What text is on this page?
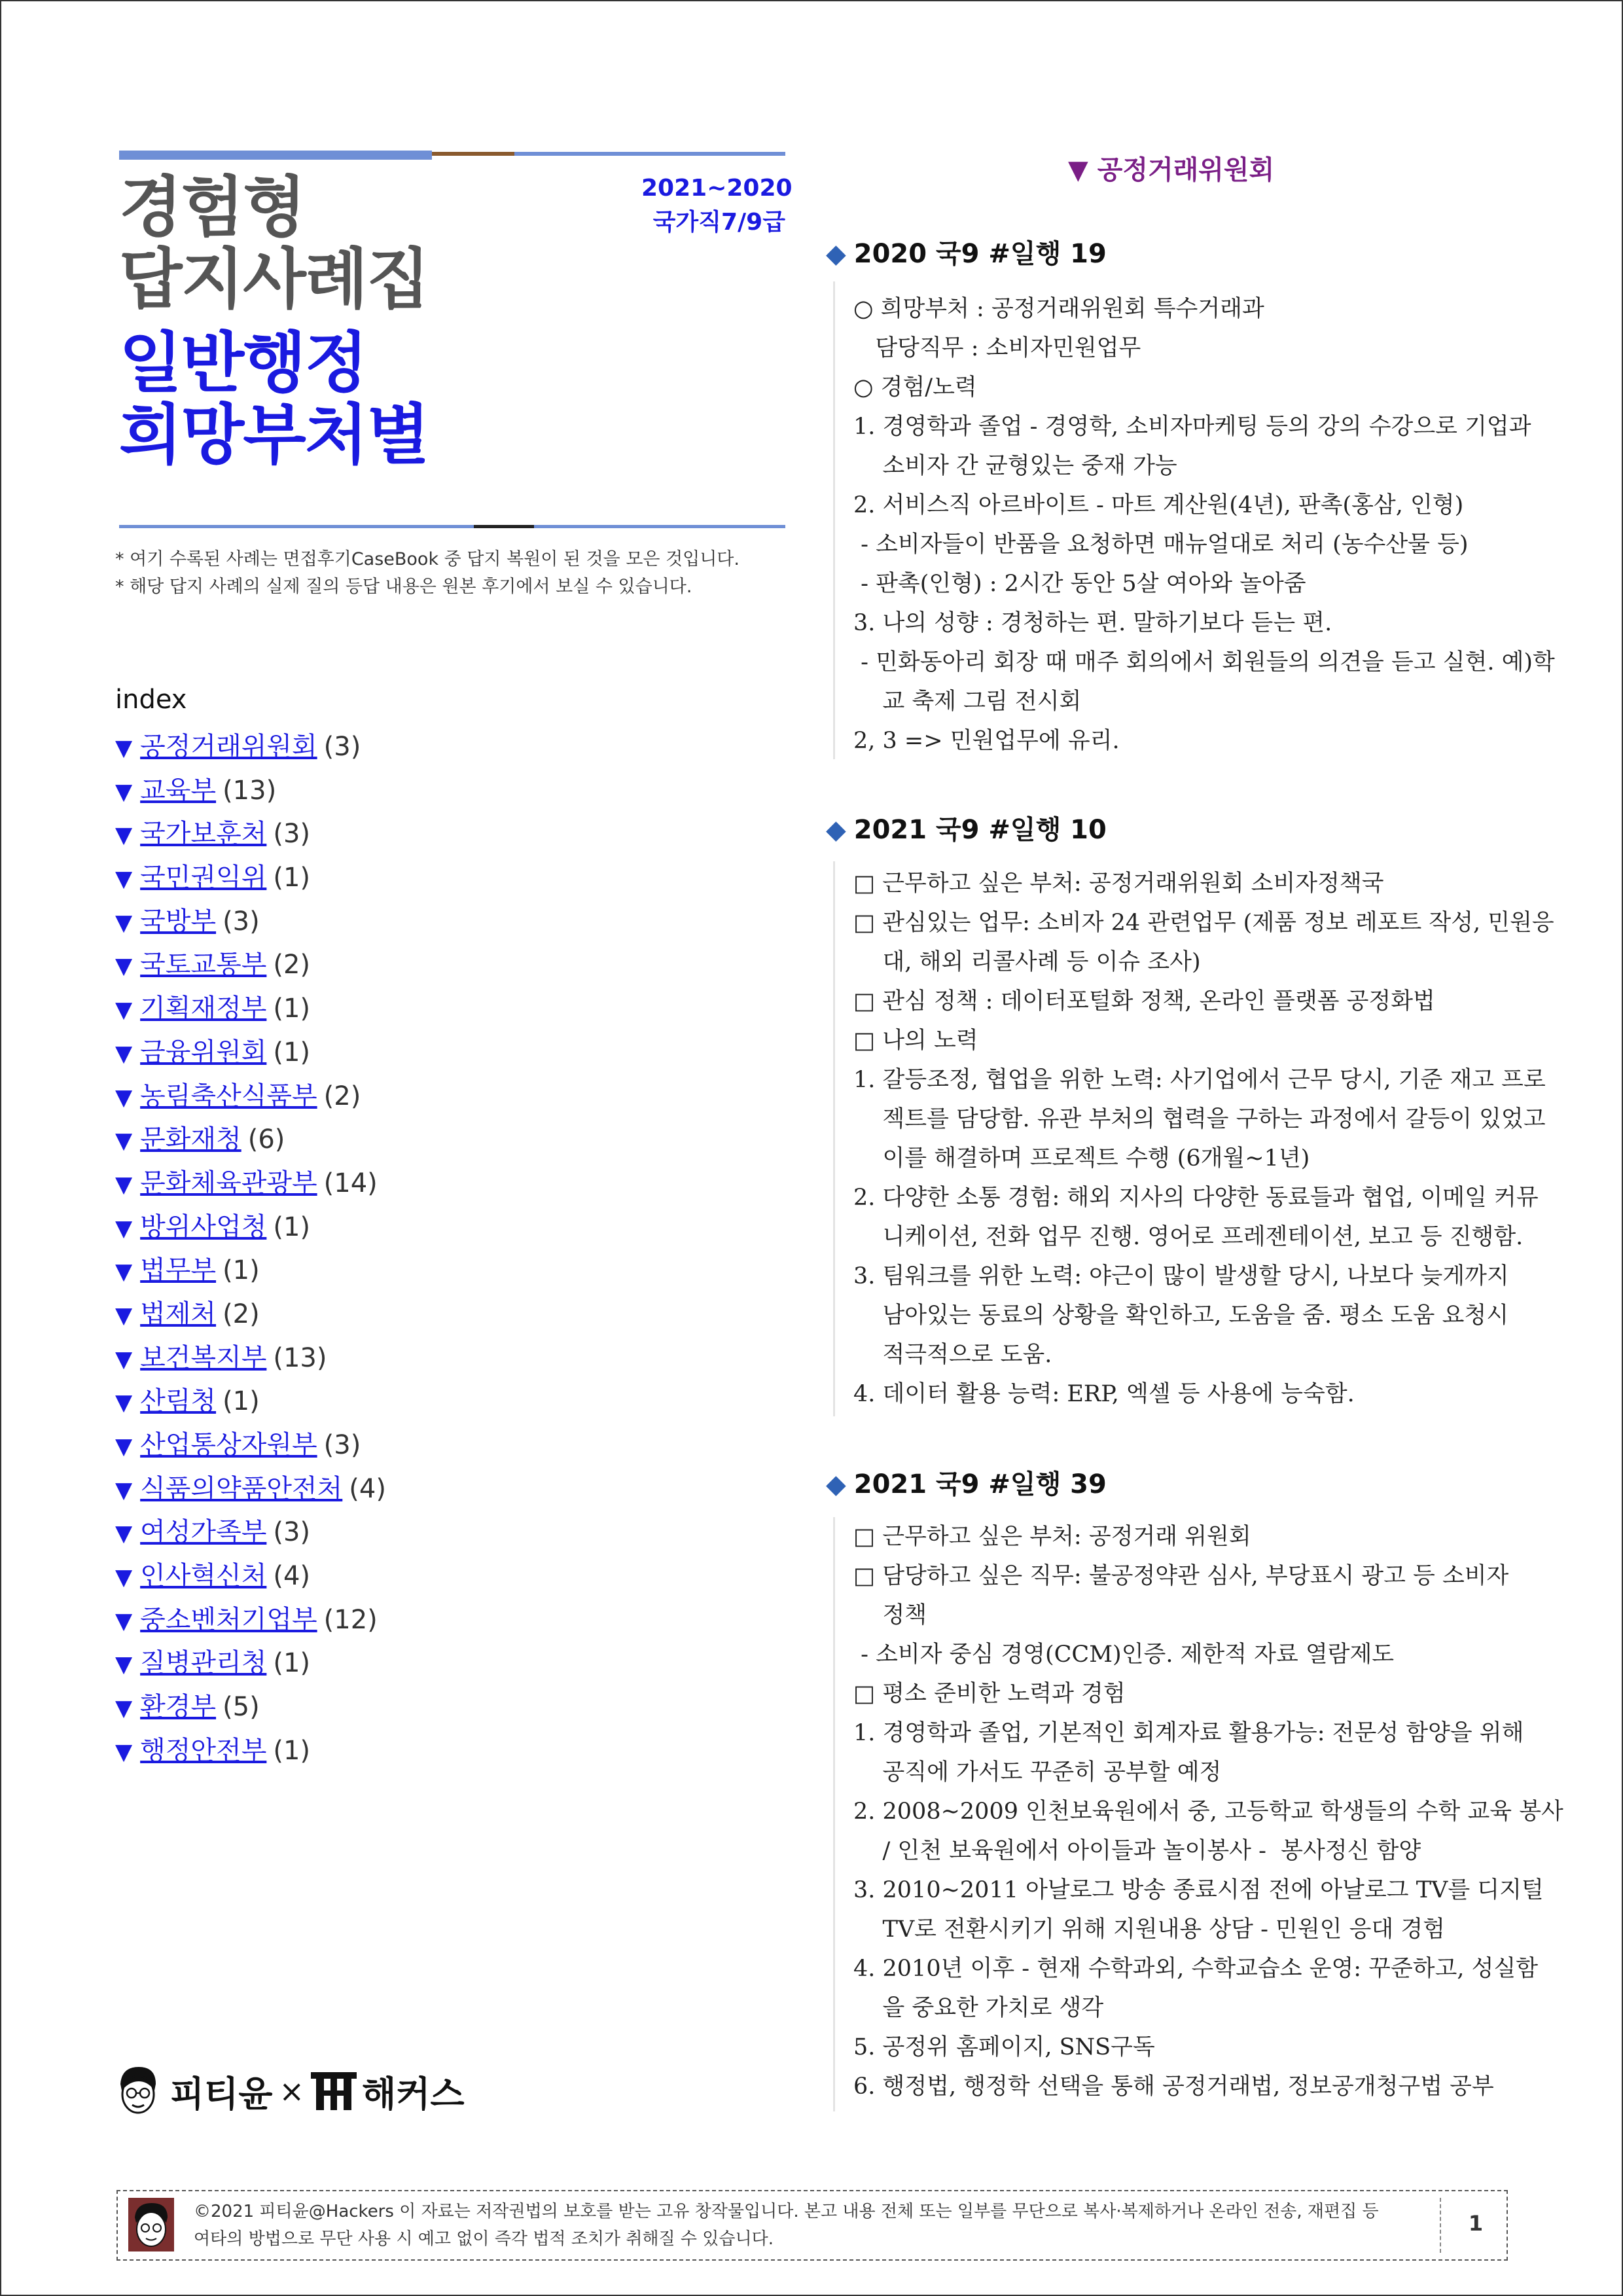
경험형
답지사례집
일반행정
희망부처별
2021~2020
국가직7/9급
* 여기 수록된 사례는 면접후기CaseBook 중 답지 복원이 된 것을 모은 것입니다.
* 해당 답지 사례의 실제 질의 등답 내용은 원본 후기에서 보실 수 있습니다.
index
▼ 공정거래위원회 (3)
▼ 교육부 (13)
▼ 국가보훈처 (3)
▼ 국민권익위 (1)
▼ 국방부 (3)
▼ 국토교통부 (2)
▼ 기획재정부 (1)
▼ 금융위원회 (1)
▼ 농림축산식품부 (2)
▼ 문화재청 (6)
▼ 문화체육관광부 (14)
▼ 방위사업청 (1)
▼ 법무부 (1)
▼ 법제처 (2)
▼ 보건복지부 (13)
▼ 산림청 (1)
▼ 산업통상자원부 (3)
▼ 식품의약품안전처 (4)
▼ 여성가족부 (3)
▼ 인사혁신처 (4)
▼ 중소벤처기업부 (12)
▼ 질병관리청 (1)
▼ 환경부 (5)
▼ 행정안전부 (1)
피티윤 × 해커스
▼ 공정거래위원회
◆ 2020 국9 #일행 19
○ 희망부처 : 공정거래위원회 특수거래과
담당직무 : 소비자민원업무
○ 경험/노력
1. 경영학과 졸업 - 경영학, 소비자마케팅 등의 강의 수강으로 기업과
소비자 간 균형있는 중재 가능
2. 서비스직 아르바이트 - 마트 계산원(4년), 판촉(홍삼, 인형)
- 소비자들이 반품을 요청하면 매뉴얼대로 처리 (농수산물 등)
- 판촉(인형) : 2시간 동안 5살 여아와 놀아줌
3. 나의 성향 : 경청하는 편. 말하기보다 듣는 편.
- 민화동아리 회장 때 매주 회의에서 회원들의 의견을 듣고 실현. 예)학
교 축제 그림 전시회
2, 3 => 민원업무에 유리.
◆ 2021 국9 #일행 10
□ 근무하고 싶은 부처: 공정거래위원회 소비자정책국
□ 관심있는 업무: 소비자 24 관련업무 (제품 정보 레포트 작성, 민원응
대, 해외 리콜사례 등 이슈 조사)
□ 관심 정책 : 데이터포털화 정책, 온라인 플랫폼 공정화법
□ 나의 노력
1. 갈등조정, 협업을 위한 노력: 사기업에서 근무 당시, 기준 재고 프로
젝트를 담당함. 유관 부처의 협력을 구하는 과정에서 갈등이 있었고
이를 해결하며 프로젝트 수행 (6개월~1년)
2. 다양한 소통 경험: 해외 지사의 다양한 동료들과 협업, 이메일 커뮤
니케이션, 전화 업무 진행. 영어로 프레젠테이션, 보고 등 진행함.
3. 팀워크를 위한 노력: 야근이 많이 발생할 당시, 나보다 늦게까지
남아있는 동료의 상황을 확인하고, 도움을 줌. 평소 도움 요청시
적극적으로 도움.
4. 데이터 활용 능력: ERP, 엑셀 등 사용에 능숙함.
◆ 2021 국9 #일행 39
□ 근무하고 싶은 부처: 공정거래 위원회
□ 담당하고 싶은 직무: 불공정약관 심사, 부당표시 광고 등 소비자
정책
- 소비자 중심 경영(CCM)인증. 제한적 자료 열람제도
□ 평소 준비한 노력과 경험
1. 경영학과 졸업, 기본적인 회계자료 활용가능: 전문성 함양을 위해
공직에 가서도 꾸준히 공부할 예정
2. 2008~2009 인천보육원에서 중, 고등학교 학생들의 수학 교육 봉사
/ 인천 보육원에서 아이들과 놀이봉사 -  봉사정신 함양
3. 2010~2011 아날로그 방송 종료시점 전에 아날로그 TV를 디지털
TV로 전환시키기 위해 지원내용 상담 - 민원인 응대 경험
4. 2010년 이후 - 현재 수학과외, 수학교습소 운영: 꾸준하고, 성실함
을 중요한 가치로 생각
5. 공정위 홈페이지, SNS구독
6. 행정법, 행정학 선택을 통해 공정거래법, 정보공개청구법 공부
©2021 피티윤@Hackers 이 자료는 저작권법의 보호를 받는 고유 창작물입니다. 본고 내용 전체 또는 일부를 무단으로 복사·복제하거나 온라인 전송, 재편집 등
여타의 방법으로 무단 사용 시 예고 없이 즉각 법적 조치가 취해질 수 있습니다.
1
